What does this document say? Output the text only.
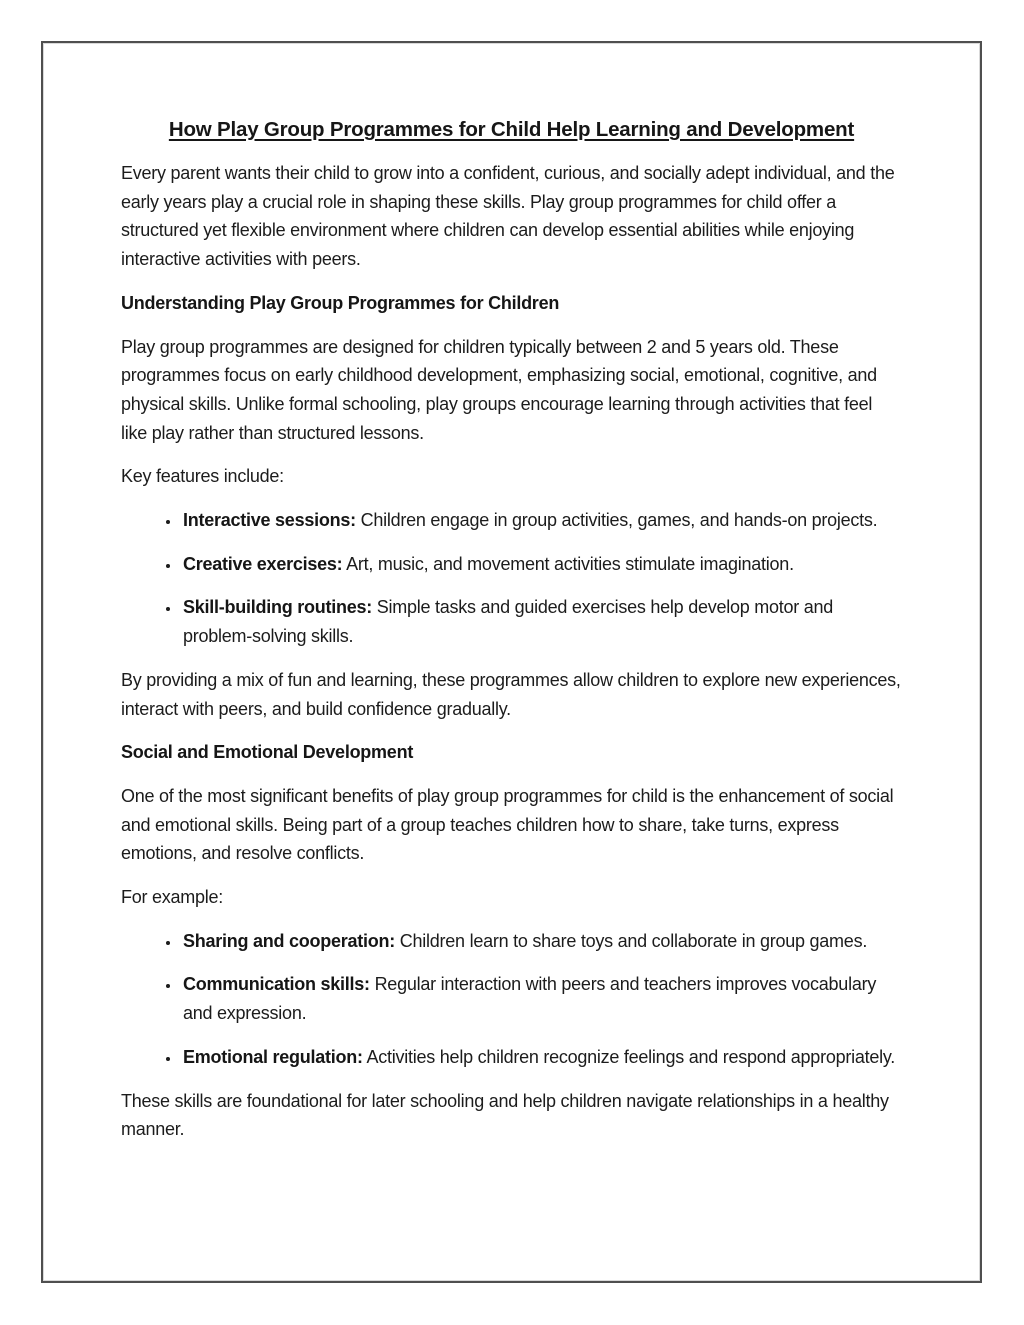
How Play Group Programmes for Child Help Learning and Development

Every parent wants their child to grow into a confident, curious, and socially adept individual, and the early years play a crucial role in shaping these skills. Play group programmes for child offer a structured yet flexible environment where children can develop essential abilities while enjoying interactive activities with peers.

Understanding Play Group Programmes for Children

Play group programmes are designed for children typically between 2 and 5 years old. These programmes focus on early childhood development, emphasizing social, emotional, cognitive, and physical skills. Unlike formal schooling, play groups encourage learning through activities that feel like play rather than structured lessons.

Key features include:

• Interactive sessions: Children engage in group activities, games, and hands-on projects.
• Creative exercises: Art, music, and movement activities stimulate imagination.
• Skill-building routines: Simple tasks and guided exercises help develop motor and problem-solving skills.

By providing a mix of fun and learning, these programmes allow children to explore new experiences, interact with peers, and build confidence gradually.

Social and Emotional Development

One of the most significant benefits of play group programmes for child is the enhancement of social and emotional skills. Being part of a group teaches children how to share, take turns, express emotions, and resolve conflicts.

For example:

• Sharing and cooperation: Children learn to share toys and collaborate in group games.
• Communication skills: Regular interaction with peers and teachers improves vocabulary and expression.
• Emotional regulation: Activities help children recognize feelings and respond appropriately.

These skills are foundational for later schooling and help children navigate relationships in a healthy manner.
